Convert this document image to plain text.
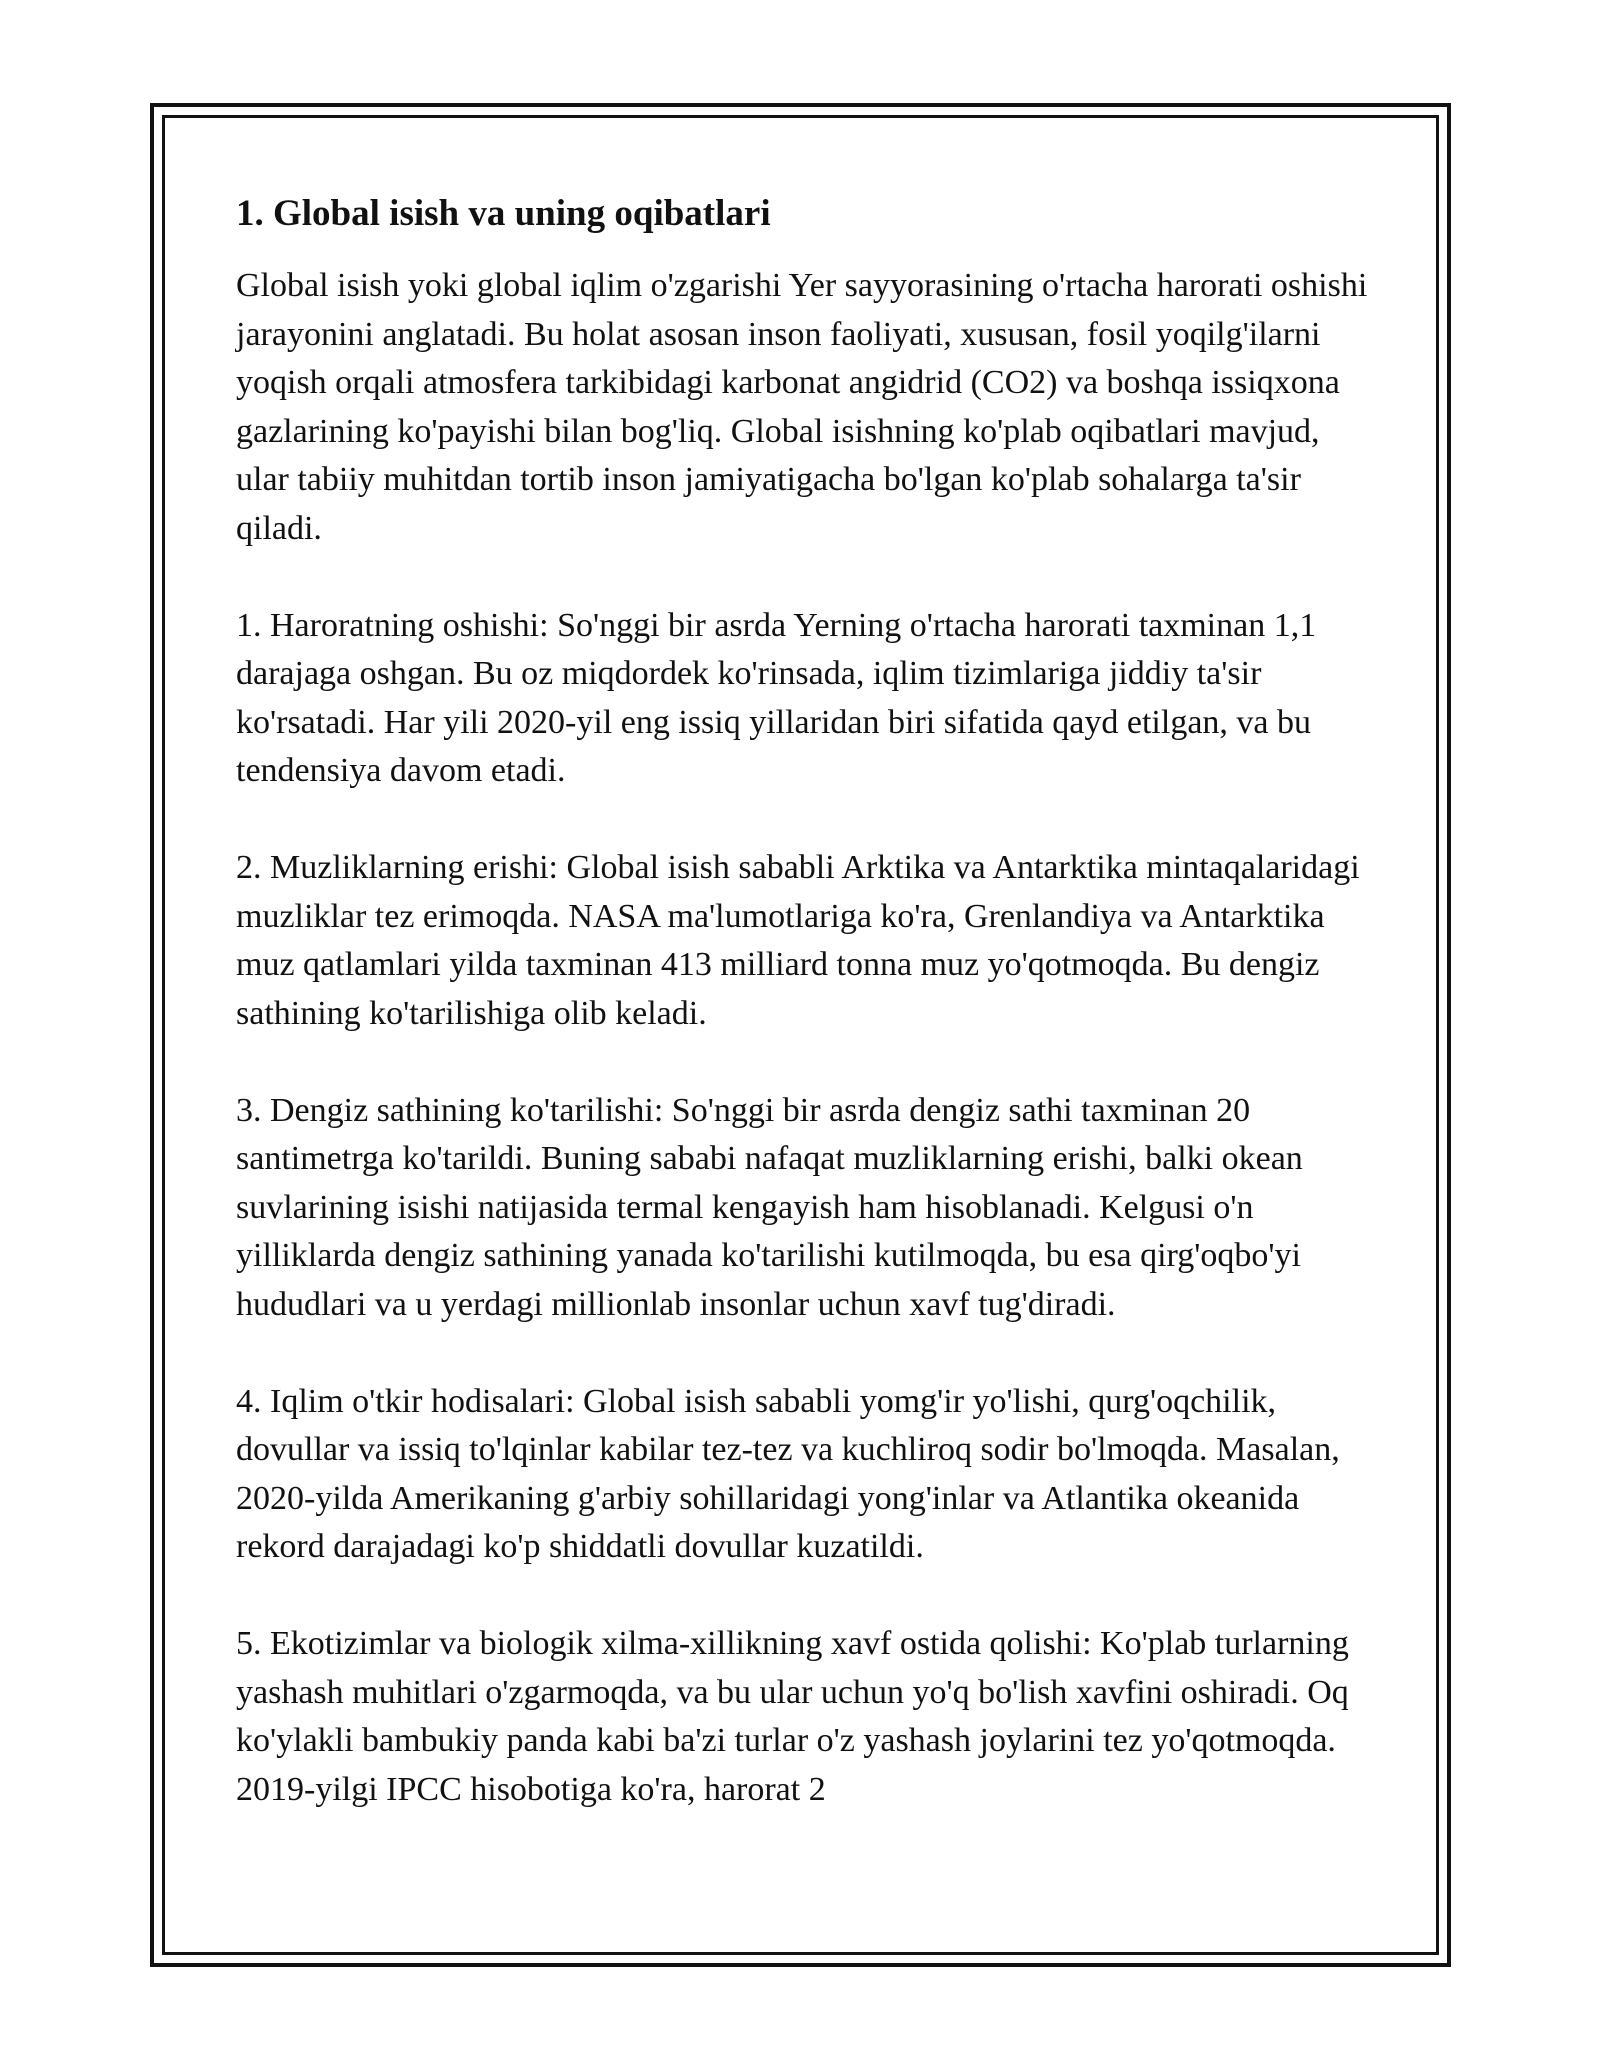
1. Global isish va uning oqibatlari

Global isish yoki global iqlim o'zgarishi Yer sayyorasining o'rtacha harorati oshishi jarayonini anglatadi. Bu holat asosan inson faoliyati, xususan, fosil yoqilg'ilarni yoqish orqali atmosfera tarkibidagi karbonat angidrid (CO2) va boshqa issiqxona gazlarining ko'payishi bilan bog'liq. Global isishning ko'plab oqibatlari mavjud, ular tabiiy muhitdan tortib inson jamiyatigacha bo'lgan ko'plab sohalarga ta'sir qiladi.

1. Haroratning oshishi: So'nggi bir asrda Yerning o'rtacha harorati taxminan 1,1 darajaga oshgan. Bu oz miqdordek ko'rinsada, iqlim tizimlariga jiddiy ta'sir ko'rsatadi. Har yili 2020-yil eng issiq yillaridan biri sifatida qayd etilgan, va bu tendensiya davom etadi.

2. Muzliklarning erishi: Global isish sababli Arktika va Antarktika mintaqalaridagi muzliklar tez erimoqda. NASA ma'lumotlariga ko'ra, Grenlandiya va Antarktika muz qatlamlari yilda taxminan 413 milliard tonna muz yo'qotmoqda. Bu dengiz sathining ko'tarilishiga olib keladi.

3. Dengiz sathining ko'tarilishi: So'nggi bir asrda dengiz sathi taxminan 20 santimetrga ko'tarildi. Buning sababi nafaqat muzliklarning erishi, balki okean suvlarining isishi natijasida termal kengayish ham hisoblanadi. Kelgusi o'n yilliklarda dengiz sathining yanada ko'tarilishi kutilmoqda, bu esa qirg'oqbo'yi hududlari va u yerdagi millionlab insonlar uchun xavf tug'diradi.

4. Iqlim o'tkir hodisalari: Global isish sababli yomg'ir yo'lishi, qurg'oqchilik, dovullar va issiq to'lqinlar kabilar tez-tez va kuchliroq sodir bo'lmoqda. Masalan, 2020-yilda Amerikaning g'arbiy sohillaridagi yong'inlar va Atlantika okeanida rekord darajadagi ko'p shiddatli dovullar kuzatildi.

5. Ekotizimlar va biologik xilma-xillikning xavf ostida qolishi: Ko'plab turlarning yashash muhitlari o'zgarmoqda, va bu ular uchun yo'q bo'lish xavfini oshiradi. Oq ko'ylakli bambukiy panda kabi ba'zi turlar o'z yashash joylarini tez yo'qotmoqda. 2019-yilgi IPCC hisobotiga ko'ra, harorat 2
